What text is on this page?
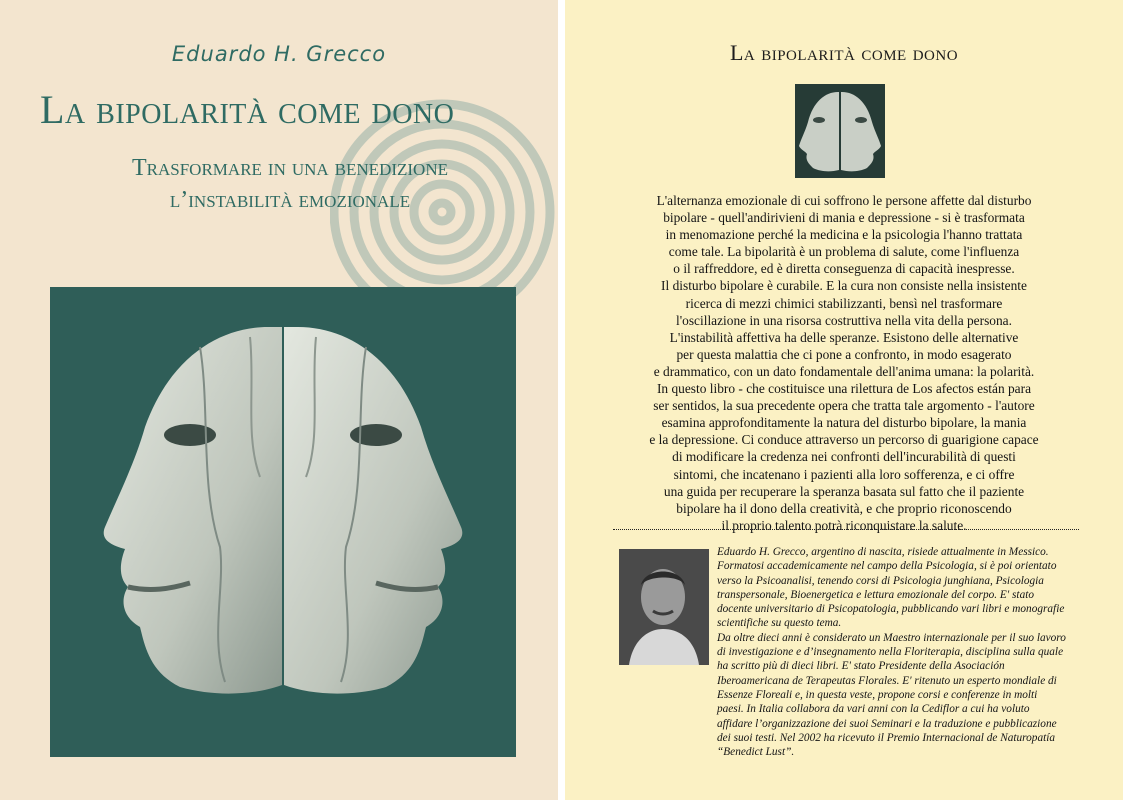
Eduardo H. Grecco
La bipolarità come dono
Trasformare in una benedizione
l’instabilità emozionale
La bipolarità come dono
L'alternanza emozionale di cui soffrono le persone affette dal disturbo
bipolare - quell'andirivieni di mania e depressione - si è trasformata
in menomazione perché la medicina e la psicologia l'hanno trattata
come tale. La bipolarità è un problema di salute, come l'influenza
o il raffreddore, ed è diretta conseguenza di capacità inespresse.
Il disturbo bipolare è curabile. E la cura non consiste nella insistente
ricerca di mezzi chimici stabilizzanti, bensì nel trasformare
l'oscillazione in una risorsa costruttiva nella vita della persona.
L'instabilità affettiva ha delle speranze. Esistono delle alternative
per questa malattia che ci pone a confronto, in modo esagerato
e drammatico, con un dato fondamentale dell'anima umana: la polarità.
In questo libro - che costituisce una rilettura de Los afectos están para
ser sentidos, la sua precedente opera che tratta tale argomento - l'autore
esamina approfonditamente la natura del disturbo bipolare, la mania
e la depressione. Ci conduce attraverso un percorso di guarigione capace
di modificare la credenza nei confronti dell'incurabilità di questi
sintomi, che incatenano i pazienti alla loro sofferenza, e ci offre
una guida per recuperare la speranza basata sul fatto che il paziente
bipolare ha il dono della creatività, e che proprio riconoscendo
il proprio talento potrà riconquistare la salute.
Eduardo H. Grecco, argentino di nascita, risiede attualmente in Messico.
Formatosi accademicamente nel campo della Psicologia, si è poi orientato
verso la Psicoanalisi, tenendo corsi di Psicologia junghiana, Psicologia
transpersonale, Bioenergetica e lettura emozionale del corpo. E' stato
docente universitario di Psicopatologia, pubblicando vari libri e monografie
scientifiche su questo tema.
Da oltre dieci anni è considerato un Maestro internazionale per il suo lavoro
di investigazione e d’insegnamento nella Floriterapia, disciplina sulla quale
ha scritto più di dieci libri. E' stato Presidente della Asociación
Iberoamericana de Terapeutas Florales. E' ritenuto un esperto mondiale di
Essenze Floreali e, in questa veste, propone corsi e conferenze in molti
paesi. In Italia collabora da vari anni con la Cediflor a cui ha voluto
affidare l’organizzazione dei suoi Seminari e la traduzione e pubblicazione
dei suoi testi. Nel 2002 ha ricevuto il Premio Internacional de Naturopatía
“Benedict Lust”.
